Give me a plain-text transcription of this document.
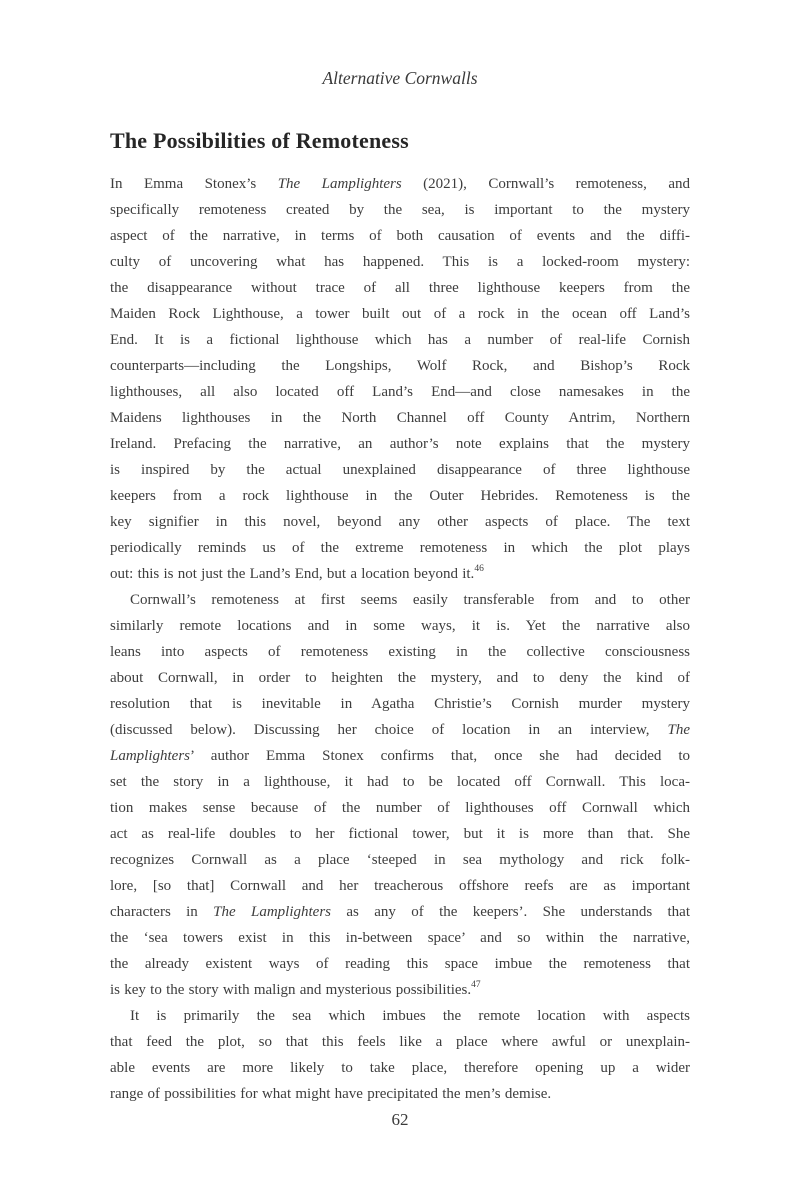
Alternative Cornwalls
The Possibilities of Remoteness
In Emma Stonex’s The Lamplighters (2021), Cornwall’s remoteness, and
specifically remoteness created by the sea, is important to the mystery
aspect of the narrative, in terms of both causation of events and the diffi-
culty of uncovering what has happened. This is a locked-room mystery:
the disappearance without trace of all three lighthouse keepers from the
Maiden Rock Lighthouse, a tower built out of a rock in the ocean off Land’s
End. It is a fictional lighthouse which has a number of real-life Cornish
counterparts—including the Longships, Wolf Rock, and Bishop’s Rock
lighthouses, all also located off Land’s End—and close namesakes in the
Maidens lighthouses in the North Channel off County Antrim, Northern
Ireland. Prefacing the narrative, an author’s note explains that the mystery
is inspired by the actual unexplained disappearance of three lighthouse
keepers from a rock lighthouse in the Outer Hebrides. Remoteness is the
key signifier in this novel, beyond any other aspects of place. The text
periodically reminds us of the extreme remoteness in which the plot plays
out: this is not just the Land’s End, but a location beyond it.$^{46}$
Cornwall’s remoteness at first seems easily transferable from and to other
similarly remote locations and in some ways, it is. Yet the narrative also
leans into aspects of remoteness existing in the collective consciousness
about Cornwall, in order to heighten the mystery, and to deny the kind of
resolution that is inevitable in Agatha Christie’s Cornish murder mystery
(discussed below). Discussing her choice of location in an interview, The
Lamplighters’ author Emma Stonex confirms that, once she had decided to
set the story in a lighthouse, it had to be located off Cornwall. This loca-
tion makes sense because of the number of lighthouses off Cornwall which
act as real-life doubles to her fictional tower, but it is more than that. She
recognizes Cornwall as a place ‘steeped in sea mythology and rick folk-
lore, [so that] Cornwall and her treacherous offshore reefs are as important
characters in The Lamplighters as any of the keepers’. She understands that
the ‘sea towers exist in this in-between space’ and so within the narrative,
the already existent ways of reading this space imbue the remoteness that
is key to the story with malign and mysterious possibilities.$^{47}$
It is primarily the sea which imbues the remote location with aspects
that feed the plot, so that this feels like a place where awful or unexplain-
able events are more likely to take place, therefore opening up a wider
range of possibilities for what might have precipitated the men’s demise.
62
